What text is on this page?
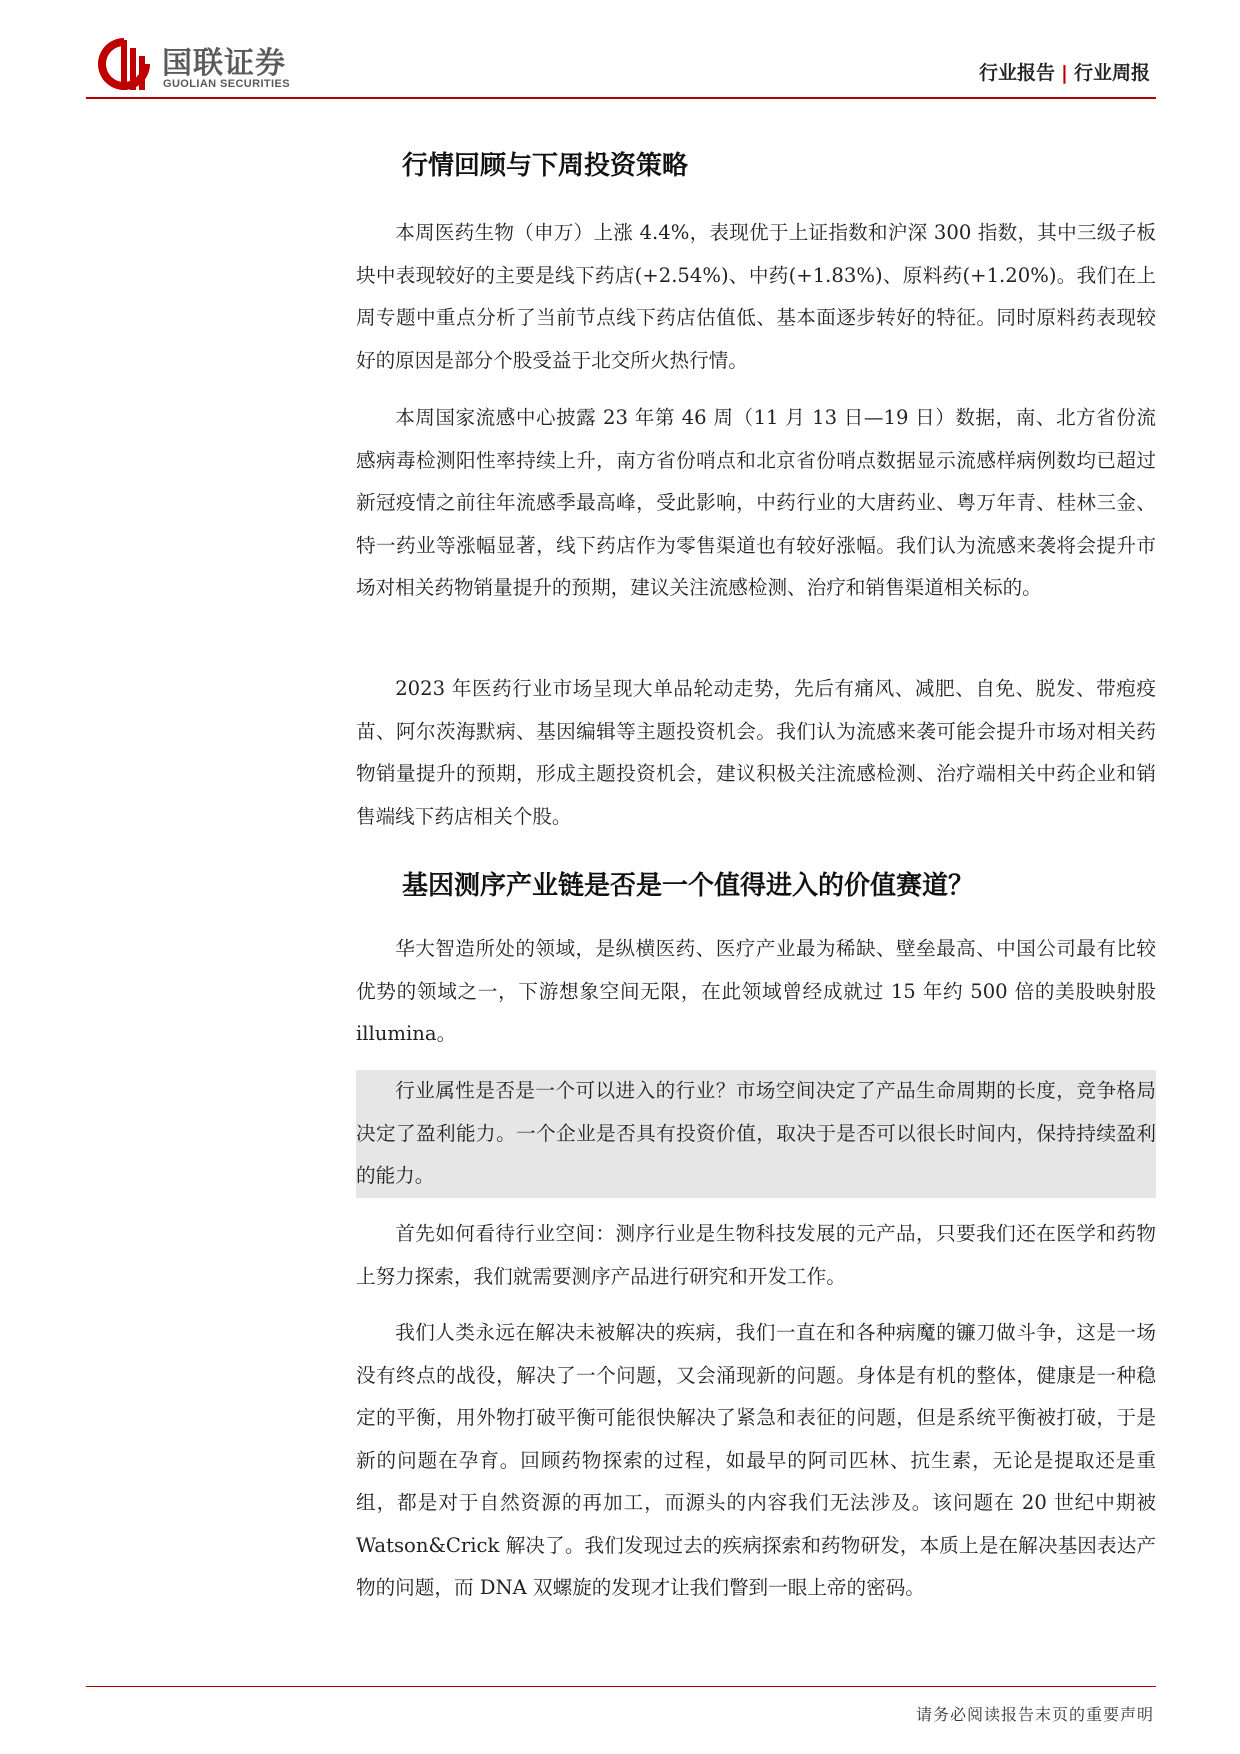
国联证券
GUOLIAN SECURITIES	行业报告 | 行业周报
行情回顾与下周投资策略

本周医药生物（申万）上涨 4.4%，表现优于上证指数和沪深 300 指数，其中三级子板块中表现较好的主要是线下药店(+2.54%)、中药(+1.83%)、原料药(+1.20%)。我们在上周专题中重点分析了当前节点线下药店估值低、基本面逐步转好的特征。同时原料药表现较好的原因是部分个股受益于北交所火热行情。

本周国家流感中心披露 23 年第 46 周（11 月 13 日—19 日）数据，南、北方省份流感病毒检测阳性率持续上升，南方省份哨点和北京省份哨点数据显示流感样病例数均已超过新冠疫情之前往年流感季最高峰，受此影响，中药行业的大唐药业、粤万年青、桂林三金、特一药业等涨幅显著，线下药店作为零售渠道也有较好涨幅。我们认为流感来袭将会提升市场对相关药物销量提升的预期，建议关注流感检测、治疗和销售渠道相关标的。

2023 年医药行业市场呈现大单品轮动走势，先后有痛风、减肥、自免、脱发、带疱疫苗、阿尔茨海默病、基因编辑等主题投资机会。我们认为流感来袭可能会提升市场对相关药物销量提升的预期，形成主题投资机会，建议积极关注流感检测、治疗端相关中药企业和销售端线下药店相关个股。

基因测序产业链是否是一个值得进入的价值赛道？

华大智造所处的领域，是纵横医药、医疗产业最为稀缺、壁垒最高、中国公司最有比较优势的领域之一，下游想象空间无限，在此领域曾经成就过 15 年约 500 倍的美股映射股 illumina。

行业属性是否是一个可以进入的行业？市场空间决定了产品生命周期的长度，竞争格局决定了盈利能力。一个企业是否具有投资价值，取决于是否可以很长时间内，保持持续盈利的能力。

首先如何看待行业空间：测序行业是生物科技发展的元产品，只要我们还在医学和药物上努力探索，我们就需要测序产品进行研究和开发工作。

我们人类永远在解决未被解决的疾病，我们一直在和各种病魔的镰刀做斗争，这是一场没有终点的战役，解决了一个问题，又会涌现新的问题。身体是有机的整体，健康是一种稳定的平衡，用外物打破平衡可能很快解决了紧急和表征的问题，但是系统平衡被打破，于是新的问题在孕育。回顾药物探索的过程，如最早的阿司匹林、抗生素，无论是提取还是重组，都是对于自然资源的再加工，而源头的内容我们无法涉及。该问题在 20 世纪中期被 Watson&Crick 解决了。我们发现过去的疾病探索和药物研发，本质上是在解决基因表达产物的问题，而 DNA 双螺旋的发现才让我们瞥到一眼上帝的密码。

请务必阅读报告末页的重要声明
